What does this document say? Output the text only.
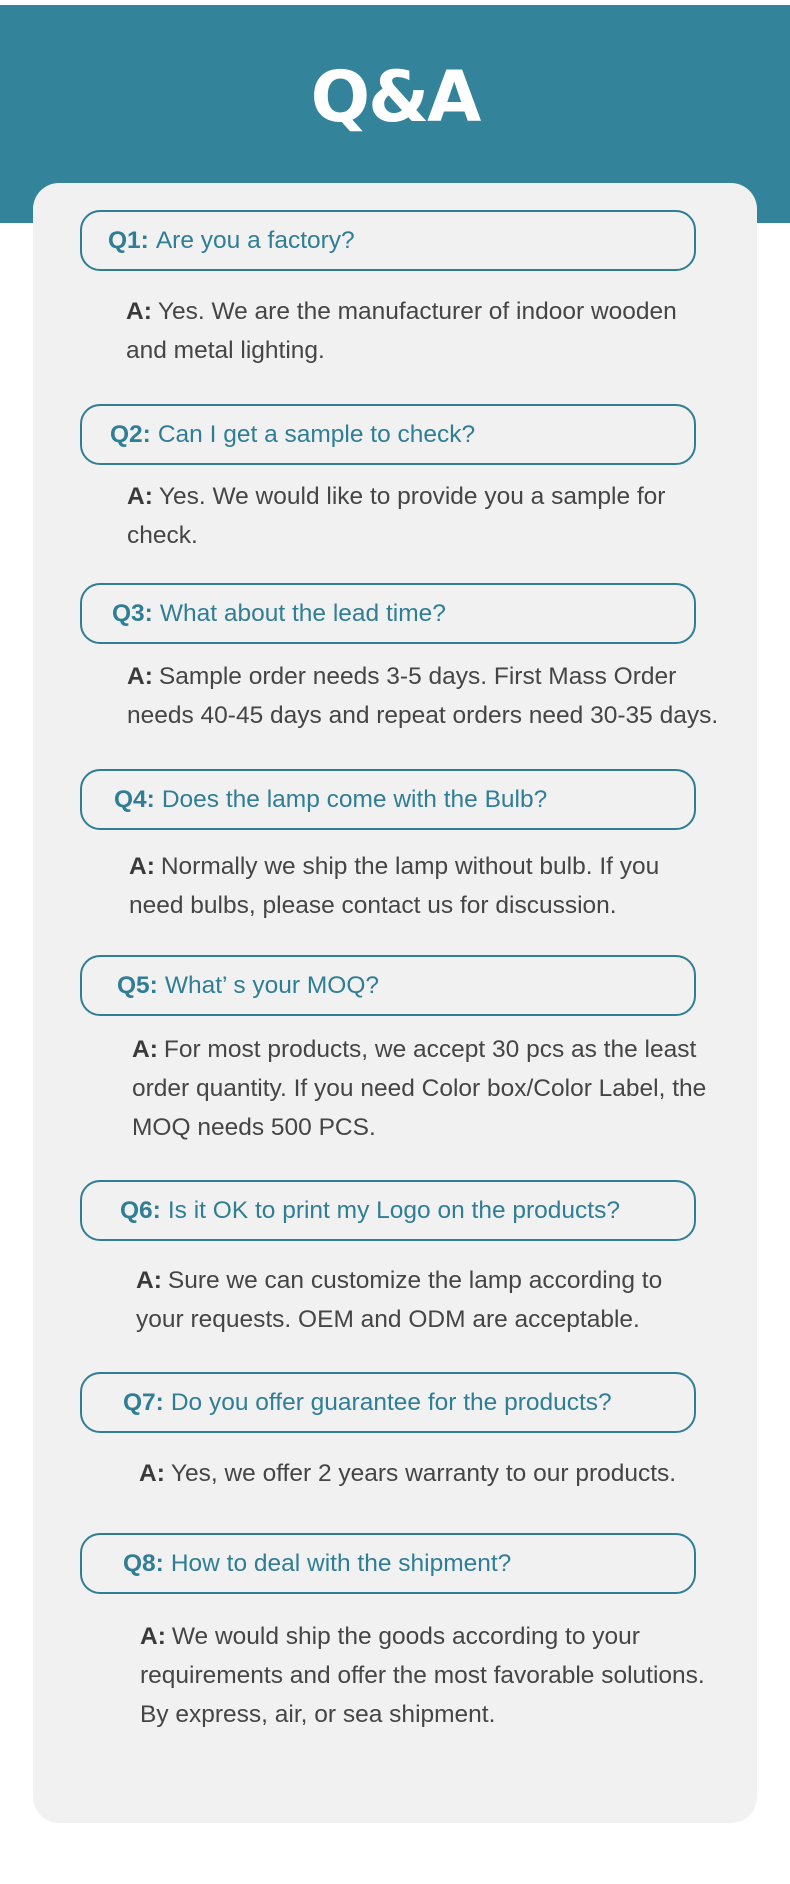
Q&A
Q1: Are you a factory?
A: Yes. We are the manufacturer of indoor wooden and metal lighting.
Q2: Can I get a sample to check?
A: Yes. We would like to provide you a sample for check.
Q3: What about the lead time?
A: Sample order needs 3-5 days. First Mass Order needs 40-45 days and repeat orders need 30-35 days.
Q4: Does the lamp come with the Bulb?
A: Normally we ship the lamp without bulb. If you need bulbs, please contact us for discussion.
Q5: What’ s your MOQ?
A: For most products, we accept 30 pcs as the least order quantity. If you need Color box/Color Label, the MOQ needs 500 PCS.
Q6: Is it OK to print my Logo on the products?
A: Sure we can customize the lamp according to your requests. OEM and ODM are acceptable.
Q7: Do you offer guarantee for the products?
A: Yes, we offer 2 years warranty to our products.
Q8: How to deal with the shipment?
A: We would ship the goods according to your requirements and offer the most favorable solutions. By express, air, or sea shipment.
